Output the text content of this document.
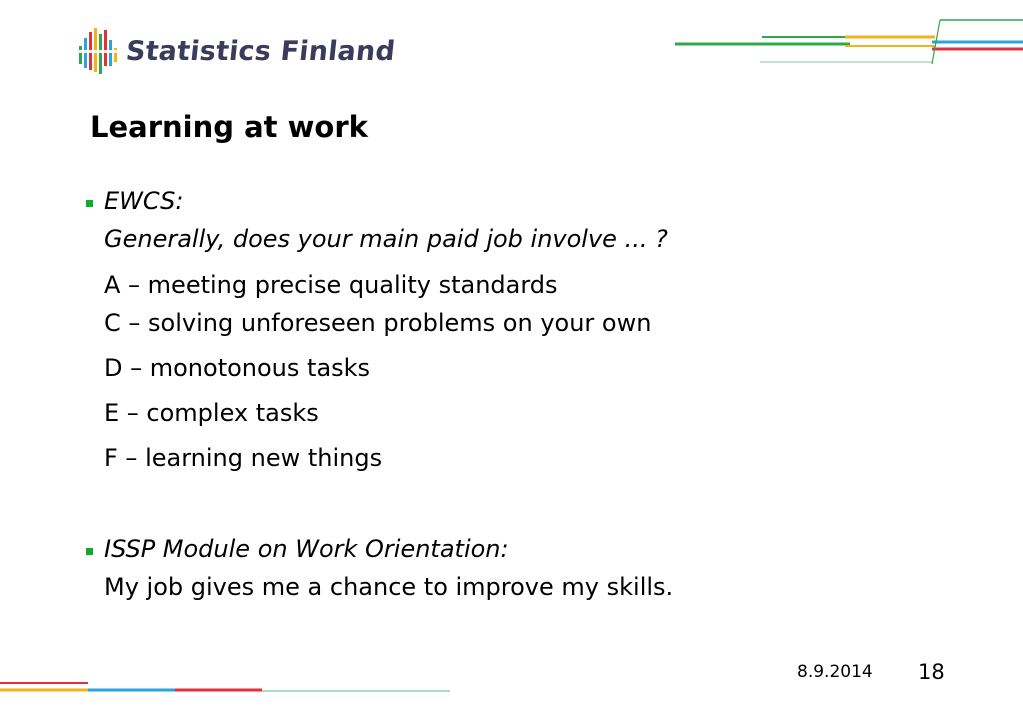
Statistics Finland
Learning at work
EWCS:
Generally, does your main paid job involve ... ?
A – meeting precise quality standards
C – solving unforeseen problems on your own
D – monotonous tasks
E – complex tasks
F – learning new things
ISSP Module on Work Orientation:
My job gives me a chance to improve my skills.
8.9.2014 18
